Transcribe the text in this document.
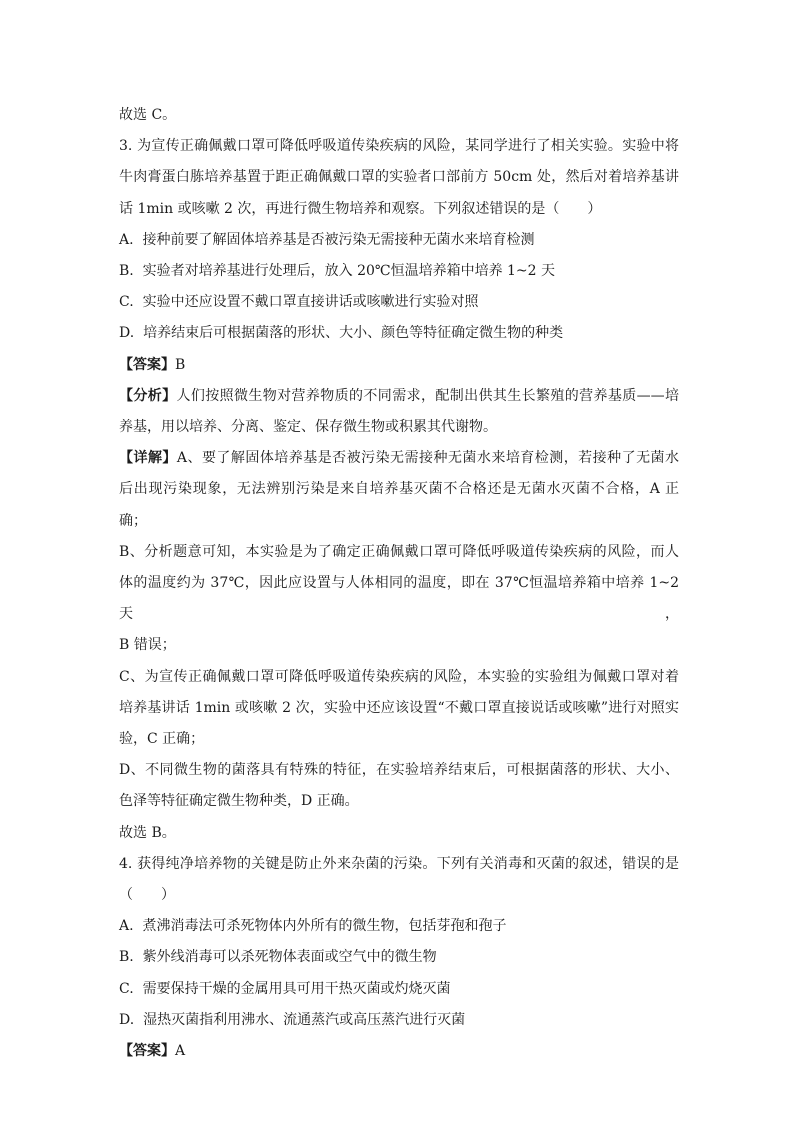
故选 C。

3. 为宣传正确佩戴口罩可降低呼吸道传染疾病的风险，某同学进行了相关实验。实验中将

牛肉膏蛋白胨培养基置于距正确佩戴口罩的实验者口部前方 50cm 处，然后对着培养基讲

话 1min 或咳嗽 2 次，再进行微生物培养和观察。下列叙述错误的是（　　）

A.  接种前要了解固体培养基是否被污染无需接种无菌水来培育检测

B.  实验者对培养基进行处理后，放入 20℃恒温培养箱中培养 1~2 天

C.  实验中还应设置不戴口罩直接讲话或咳嗽进行实验对照

D.  培养结束后可根据菌落的形状、大小、颜色等特征确定微生物的种类

【答案】B

【分析】人们按照微生物对营养物质的不同需求，配制出供其生长繁殖的营养基质——培

养基，用以培养、分离、鉴定、保存微生物或积累其代谢物。

【详解】A、要了解固体培养基是否被污染无需接种无菌水来培育检测，若接种了无菌水

后出现污染现象，无法辨别污染是来自培养基灭菌不合格还是无菌水灭菌不合格，A 正

确；

B、分析题意可知，本实验是为了确定正确佩戴口罩可降低呼吸道传染疾病的风险，而人

体的温度约为 37℃，因此应设置与人体相同的温度，即在 37℃恒温培养箱中培养 1~2天，

B 错误；

C、为宣传正确佩戴口罩可降低呼吸道传染疾病的风险，本实验的实验组为佩戴口罩对着

培养基讲话 1min 或咳嗽 2 次，实验中还应该设置“不戴口罩直接说话或咳嗽”进行对照实

验，C 正确；

D、不同微生物的菌落具有特殊的特征，在实验培养结束后，可根据菌落的形状、大小、

色泽等特征确定微生物种类，D 正确。

故选 B。

4. 获得纯净培养物的关键是防止外来杂菌的污染。下列有关消毒和灭菌的叙述，错误的是

（　　）

A.  煮沸消毒法可杀死物体内外所有的微生物，包括芽孢和孢子

B.  紫外线消毒可以杀死物体表面或空气中的微生物

C.  需要保持干燥的金属用具可用干热灭菌或灼烧灭菌

D.  湿热灭菌指利用沸水、流通蒸汽或高压蒸汽进行灭菌

【答案】A
